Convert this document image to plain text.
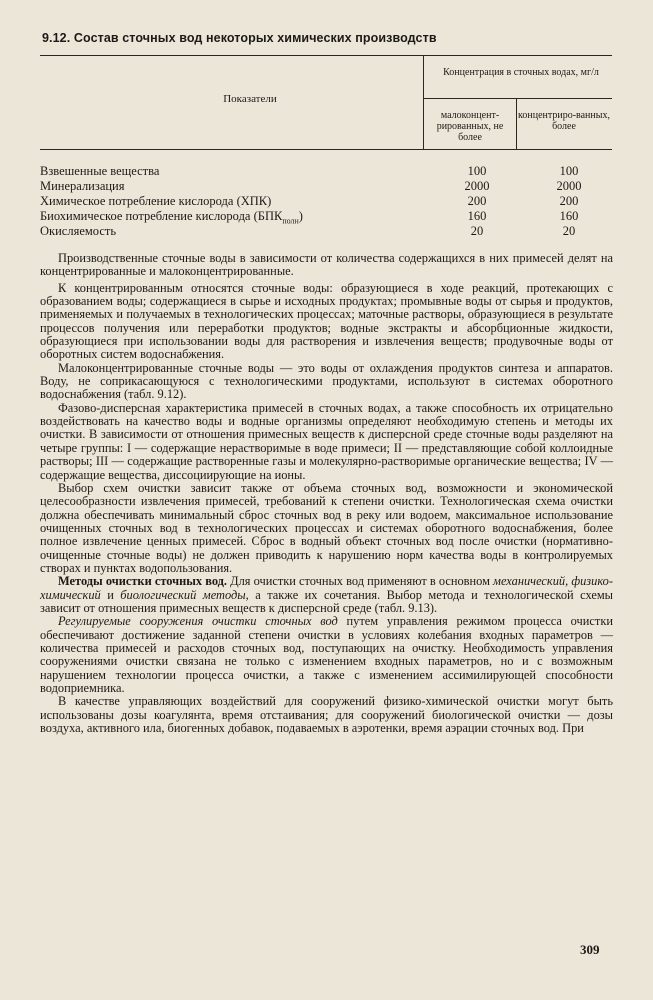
9.12. Состав сточных вод некоторых химических производств
Показатели
Концентрация в сточных водах, мг/л
малоконцент-рированных, не более
концентриро-ванных, более
Взвешенные вещества	100	100
Минерализация	2000	2000
Химическое потребление кислорода (ХПК)	200	200
Биохимическое потребление кислорода $(БПК_{полн})$	160	160
Окисляемость	20	20

Производственные сточные воды в зависимости от количества содержащихся в них примесей делят на концентрированные и малоконцентрированные.

К концентрированным относятся сточные воды: образующиеся в ходе реакций, протекающих с образованием воды; содержащиеся в сырье и исходных продуктах; промывные воды от сырья и продуктов, применяемых и получаемых в технологических процессах; маточные растворы, образующиеся в результате процессов получения или переработки продуктов; водные экстракты и абсорбционные жидкости, образующиеся при использовании воды для растворения и извлечения веществ; продувочные воды от оборотных систем водоснабжения.

Малоконцентрированные сточные воды — это воды от охлаждения продуктов синтеза и аппаратов. Воду, не соприкасающуюся с технологическими продуктами, используют в системах оборотного водоснабжения (табл. 9.12).

Фазово-дисперсная характеристика примесей в сточных водах, а также способность их отрицательно воздействовать на качество воды и водные организмы определяют необходимую степень и методы их очистки. В зависимости от отношения примесных веществ к дисперсной среде сточные воды разделяют на четыре группы: I — содержащие нерастворимые в воде примеси; II — представляющие собой коллоидные растворы; III — содержащие растворенные газы и молекулярно-растворимые органические вещества; IV — содержащие вещества, диссоциирующие на ионы.

Выбор схем очистки зависит также от объема сточных вод, возможности и экономической целесообразности извлечения примесей, требований к степени очистки. Технологическая схема очистки должна обеспечивать минимальный сброс сточных вод в реку или водоем, максимальное использование очищенных сточных вод в технологических процессах и системах оборотного водоснабжения, более полное извлечение ценных примесей. Сброс в водный объект сточных вод после очистки (нормативно-очищенные сточные воды) не должен приводить к нарушению норм качества воды в контролируемых створах и пунктах водопользования.

Методы очистки сточных вод. Для очистки сточных вод применяют в основном механический, физико-химический и биологический методы, а также их сочетания. Выбор метода и технологической схемы зависит от отношения примесных веществ к дисперсной среде (табл. 9.13).

Регулируемые сооружения очистки сточных вод путем управления режимом процесса очистки обеспечивают достижение заданной степени очистки в условиях колебания входных параметров — количества примесей и расходов сточных вод, поступающих на очистку. Необходимость управления сооружениями очистки связана не только с изменением входных параметров, но и с возможным нарушением технологии процесса очистки, а также с изменением ассимилирующей способности водоприемника.

В качестве управляющих воздействий для сооружений физико-химической очистки могут быть использованы дозы коагулянта, время отстаивания; для сооружений биологической очистки — дозы воздуха, активного ила, биогенных добавок, подаваемых в аэротенки, время аэрации сточных вод. При

309
